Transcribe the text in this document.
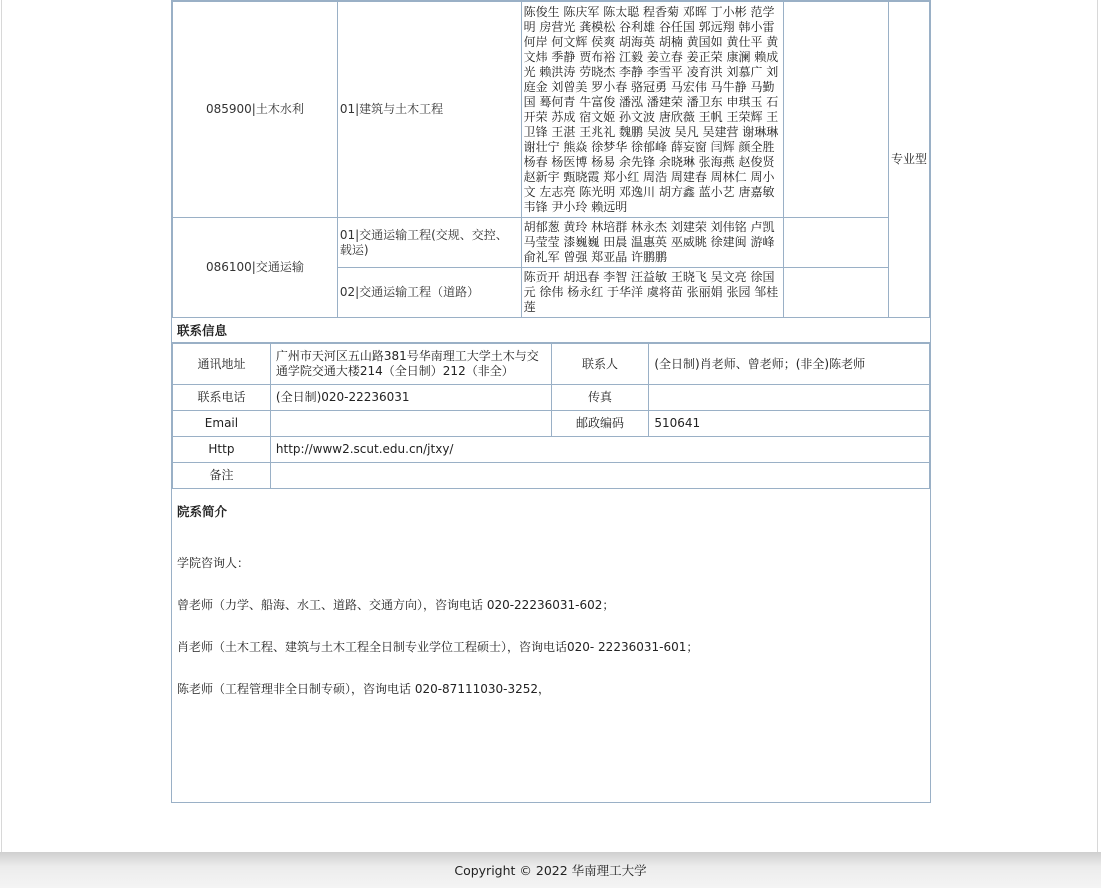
085900|土木水利	01|建筑与土木工程	陈俊生 陈庆军 陈太聪 程香菊 邓晖 丁小彬 范学明 房营光 龚模松 谷利雄 谷任国 郭远翔 韩小雷 何岸 何文辉 侯爽 胡海英 胡楠 黄国如 黄仕平 黄文炜 季静 贾布裕 江毅 姜立春 姜正荣 康澜 赖成光 赖洪涛 劳晓杰 李静 李雪平 凌育洪 刘慕广 刘庭金 刘曾美 罗小春 骆冠勇 马宏伟 马牛静 马勤国 蓦何青 牛富俊 潘泓 潘建荣 潘卫东 申琪玉 石开荣 苏成 宿文姬 孙文波 唐欣薇 王帆 王荣辉 王卫锋 王湛 王兆礼 魏鹏 吴波 吴凡 吴建营 谢琳琳 谢壮宁 熊焱 徐梦华 徐郁峰 薛妄窗 闫辉 颜全胜 杨春 杨医博 杨易 余先锋 余晓琳 张海燕 赵俊贤 赵新宇 甄晓霞 郑小红 周浩 周建春 周林仁 周小文 左志亮 陈光明 邓逸川 胡方鑫 蓝小艺 唐嘉敏 韦锋 尹小玲 赖远明		专业型
086100|交通运输	01|交通运输工程(交规、交控、载运)	胡郁葱 黄玲 林培群 林永杰 刘建荣 刘伟铭 卢凯 马莹莹 漆巍巍 田晨 温惠英 巫威眺 徐建闽 游峰 俞礼军 曾强 郑亚晶 许鹏鹏		
	02|交通运输工程（道路）	陈贡开 胡迅春 李智 汪益敏 王晓飞 吴文亮 徐国元 徐伟 杨永红 于华洋 虞将苗 张丽娟 张园 邹桂莲		
联系信息
通讯地址	广州市天河区五山路381号华南理工大学土木与交通学院交通大楼214（全日制）212（非全）	联系人	(全日制)肖老师、曾老师；(非全)陈老师
联系电话	(全日制)020-22236031	传真	
Email		邮政编码	510641
Http	http://www2.scut.edu.cn/jtxy/		
备注			
院系简介
学院咨询人：
曾老师（力学、船海、水工、道路、交通方向），咨询电话 020-22236031-602；
肖老师（土木工程、建筑与土木工程全日制专业学位工程硕士），咨询电话020- 22236031-601；
陈老师（工程管理非全日制专硕），咨询电话 020-87111030-3252，
Copyright © 2022 华南理工大学
